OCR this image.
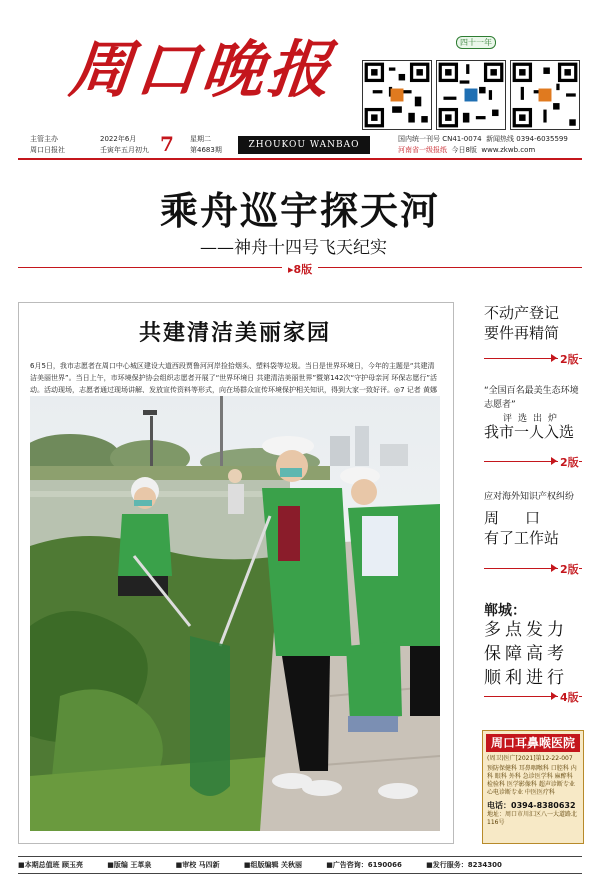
周口晚报	四十一年
主管主办
周口日报社
2022年6月
壬寅年五月初九 7 星期二
第4683期	ZHOUKOU WANBAO
国内统一刊号 CN41-0074 新闻热线 0394-6035599
河南省一级报纸 今日8版 www.zkwb.com
乘舟巡宇探天河
——神舟十四号飞天纪实
▸8版
共建清洁美丽家园
6月5日，我市志愿者在周口中心城区建设大道西段贾鲁河河岸捡拾烟头、塑料袋等垃圾。当日是世界环境日，今年的主题是“共建清洁美丽世界”。当日上午，市环境保护协会组织志愿者开展了“世界环境日 共建清洁美丽世界”暨第142次“守护母亲河 环保志愿行”活动。活动现场，志愿者通过现场讲解、发放宣传资料等形式，向在场群众宣传环境保护相关知识，得到大家一致好评。◎7 记者 黄娜
不动产登记
要件再精简
2版
“全国百名最美生态环境志愿者”
评选出炉
我市一人入选
2版
应对海外知识产权纠纷
周口
有了工作站
2版
郸城：
多点发力
保障高考
顺利进行
4版
周口耳鼻喉医院
(周卫)医广[2021]第12-22-007
预防保健科 耳鼻咽喉科 口腔科 内科 眼科 外科 急诊医学科 麻醉科 检验科 医学影像科 超声诊断专业 心电诊断专业 中医医疗科
电话：0394-8380632
地址：周口市川汇区八一大道路北116号
■本期总值班 顾玉亮	■版编 王革泉	■审校 马四新	■组版编辑 关秋丽	■广告咨询：6190066	■发行服务：8234300
